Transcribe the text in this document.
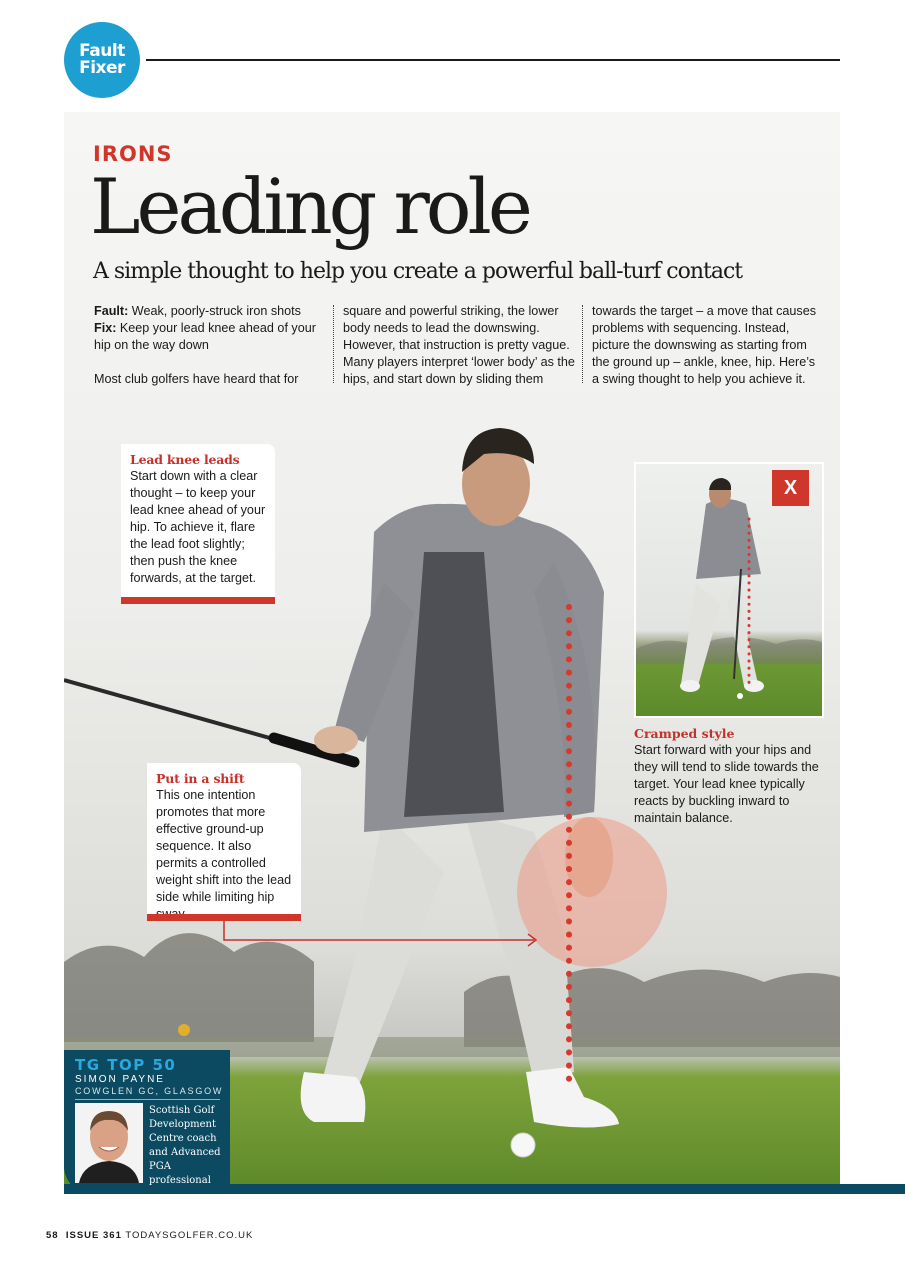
Fault
Fixer
IRONS
Leading role
A simple thought to help you create a powerful ball-turf contact

Fault: Weak, poorly-struck iron shots

Fix: Keep your lead knee ahead of your hip on the way down

Most club golfers have heard that for

square and powerful striking, the lower body needs to lead the downswing. However, that instruction is pretty vague. Many players interpret ‘lower body’ as the hips, and start down by sliding them

towards the target – a move that causes problems with sequencing. Instead, picture the downswing as starting from the ground up – ankle, knee, hip. Here’s a swing thought to help you achieve it.

Lead knee leads
Start down with a clear thought – to keep your lead knee ahead of your hip. To achieve it, flare the lead foot slightly; then push the knee forwards, at the target.
Put in a shift
This one intention promotes that more effective ground-up sequence. It also permits a controlled weight shift into the lead side while limiting hip
X
Cramped style
Start forward with your hips and they will tend to slide towards the target. Your lead knee typically reacts by buckling inward to maintain balance.
TG TOP 50
SIMON PAYNE
COWGLEN GC, GLASGOW
Scottish Golf Development Centre coach and Advanced PGA professional
58 ISSUE 361 TODAYSGOLFER.CO.UK
